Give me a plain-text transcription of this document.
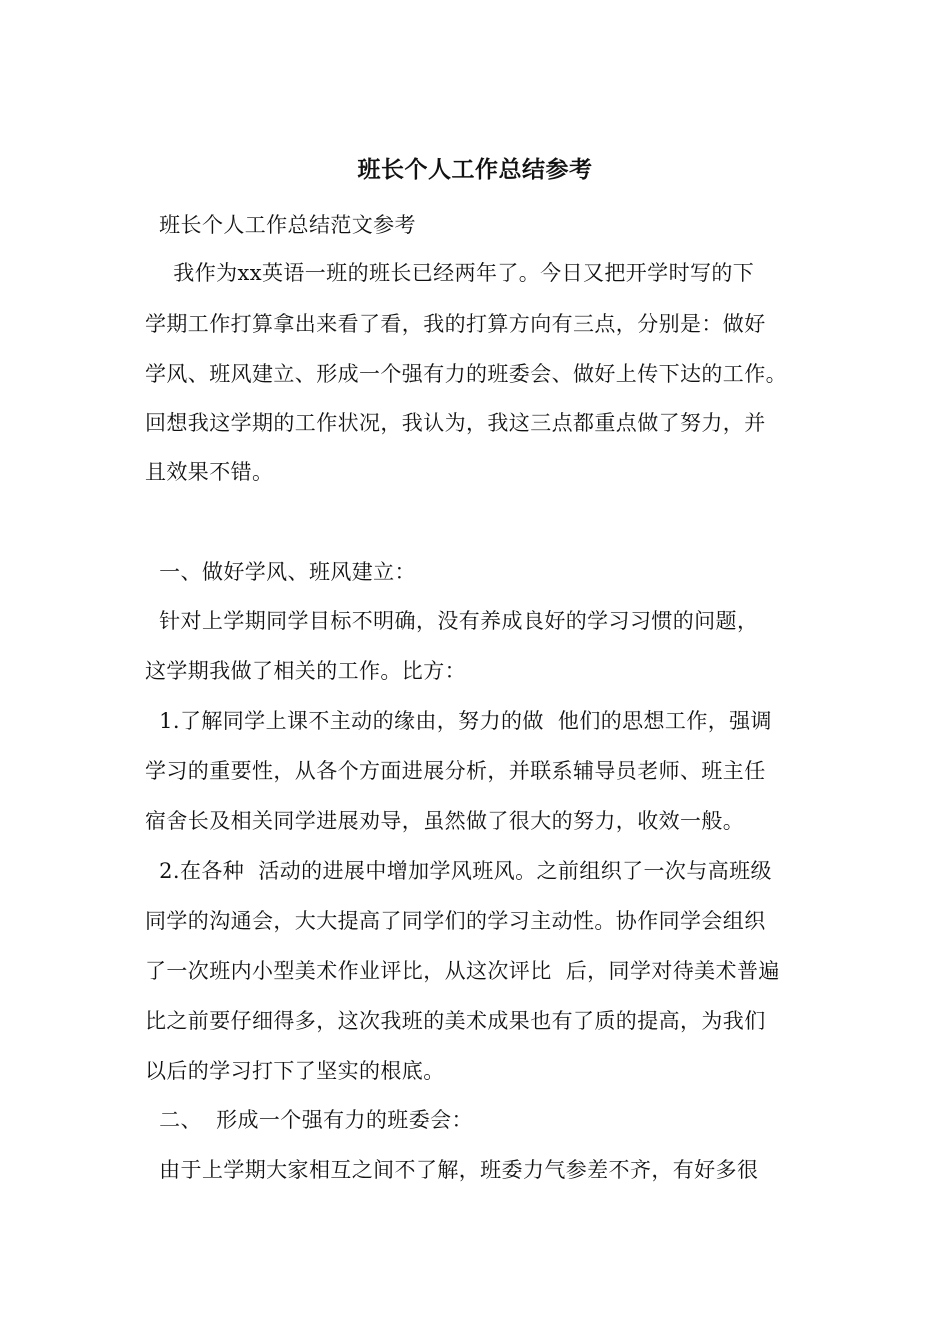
班长个人工作总结参考
班长个人工作总结范文参考
我作为xx英语一班的班长已经两年了。今日又把开学时写的下
学期工作打算拿出来看了看，我的打算方向有三点，分别是：做好
学风、班风建立、形成一个强有力的班委会、做好上传下达的工作。
回想我这学期的工作状况，我认为，我这三点都重点做了努力，并
且效果不错。
一、做好学风、班风建立：
针对上学期同学目标不明确，没有养成良好的学习习惯的问题，
这学期我做了相关的工作。比方：
1.了解同学上课不主动的缘由，努力的做  他们的思想工作，强调
学习的重要性，从各个方面进展分析，并联系辅导员老师、班主任
宿舍长及相关同学进展劝导，虽然做了很大的努力，收效一般。
2.在各种  活动的进展中增加学风班风。之前组织了一次与高班级
同学的沟通会，大大提高了同学们的学习主动性。协作同学会组织
了一次班内小型美术作业评比，从这次评比  后，同学对待美术普遍
比之前要仔细得多，这次我班的美术成果也有了质的提高，为我们
以后的学习打下了坚实的根底。
二、  形成一个强有力的班委会：
由于上学期大家相互之间不了解，班委力气参差不齐，有好多很
